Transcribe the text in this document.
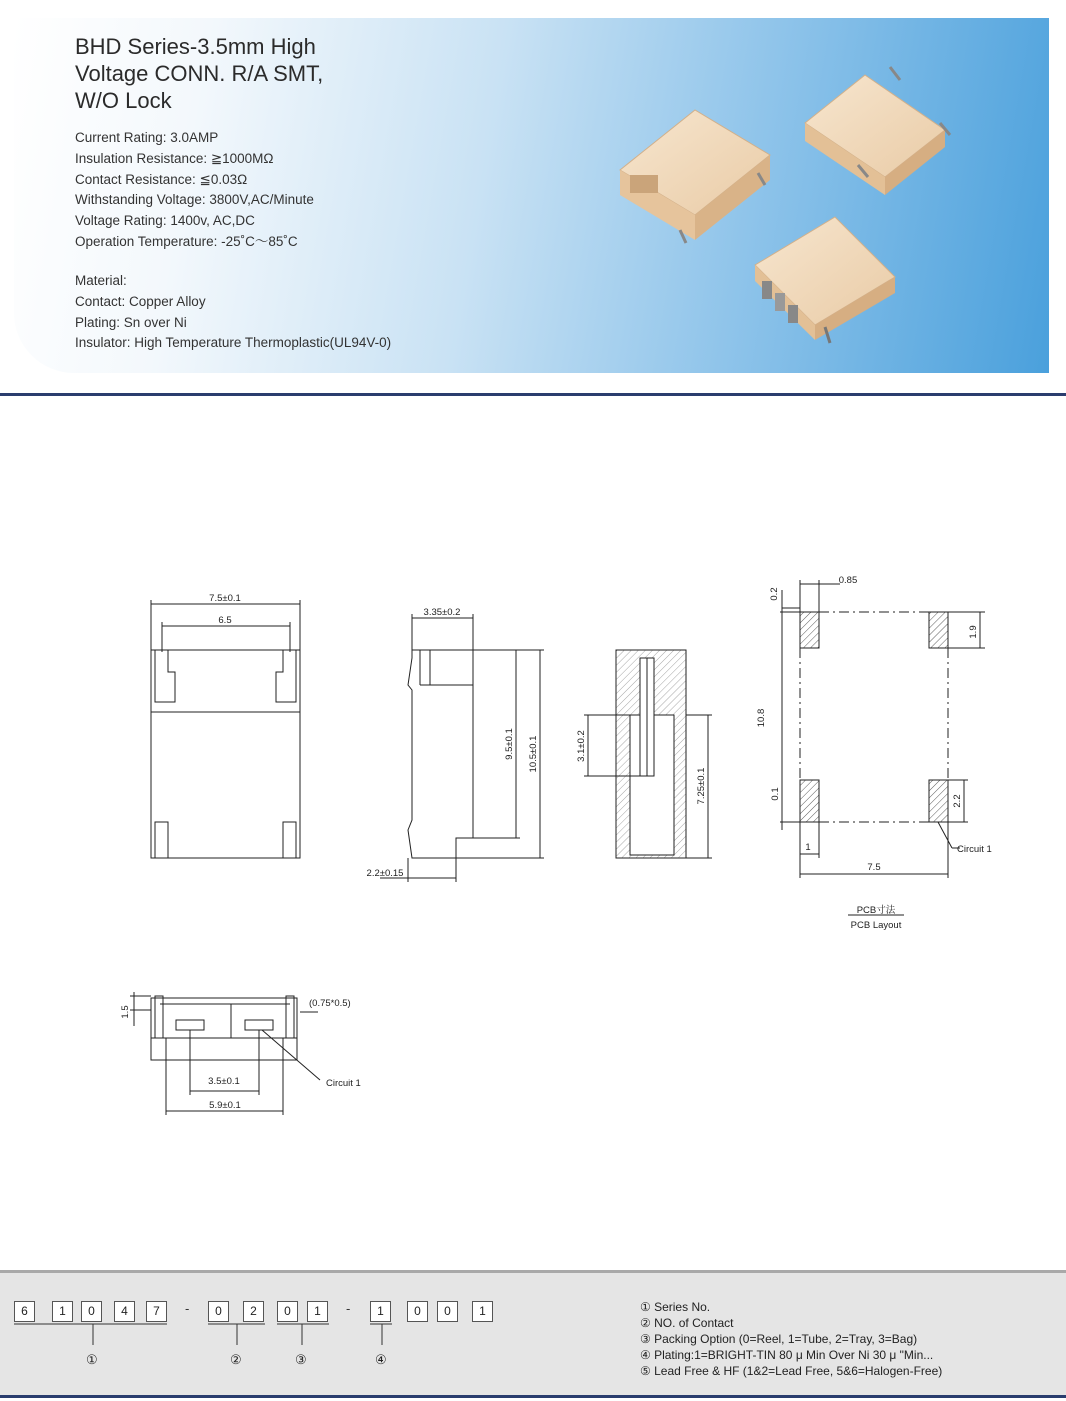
BHD Series-3.5mm High
Voltage CONN. R/A SMT,
W/O Lock
Current Rating: 3.0AMP
Insulation Resistance: ≧1000MΩ
Contact Resistance: ≦0.03Ω
Withstanding Voltage: 3800V,AC/Minute
Voltage Rating: 1400v, AC,DC
Operation Temperature: -25˚C～85˚C
Material:
Contact: Copper Alloy
Plating: Sn over Ni
Insulator: High Temperature Thermoplastic(UL94V-0)
7.5±0.1
6.5
3.35±0.2
9.5±0.1 10.5±0.1
2.2±0.15
3.1±0.2
7.25±0.1
0.85
0.2
1.9
10.8
0.1
2.2
1
7.5
Circuit 1
PCB寸法
PCB Layout
1.5
(0.75*0.5)
3.5±0.1
5.9±0.1
Circuit 1
6	1	0	4	7	-	0	2	0	1	-	1	0	0	1
①	②	③	④
① Series No.
② NO. of Contact
③ Packing Option (0=Reel, 1=Tube, 2=Tray, 3=Bag)
④ Plating:1=BRIGHT-TIN 80 μ Min Over Ni 30 μ "Min...
⑤ Lead Free & HF (1&2=Lead Free, 5&6=Halogen-Free)
